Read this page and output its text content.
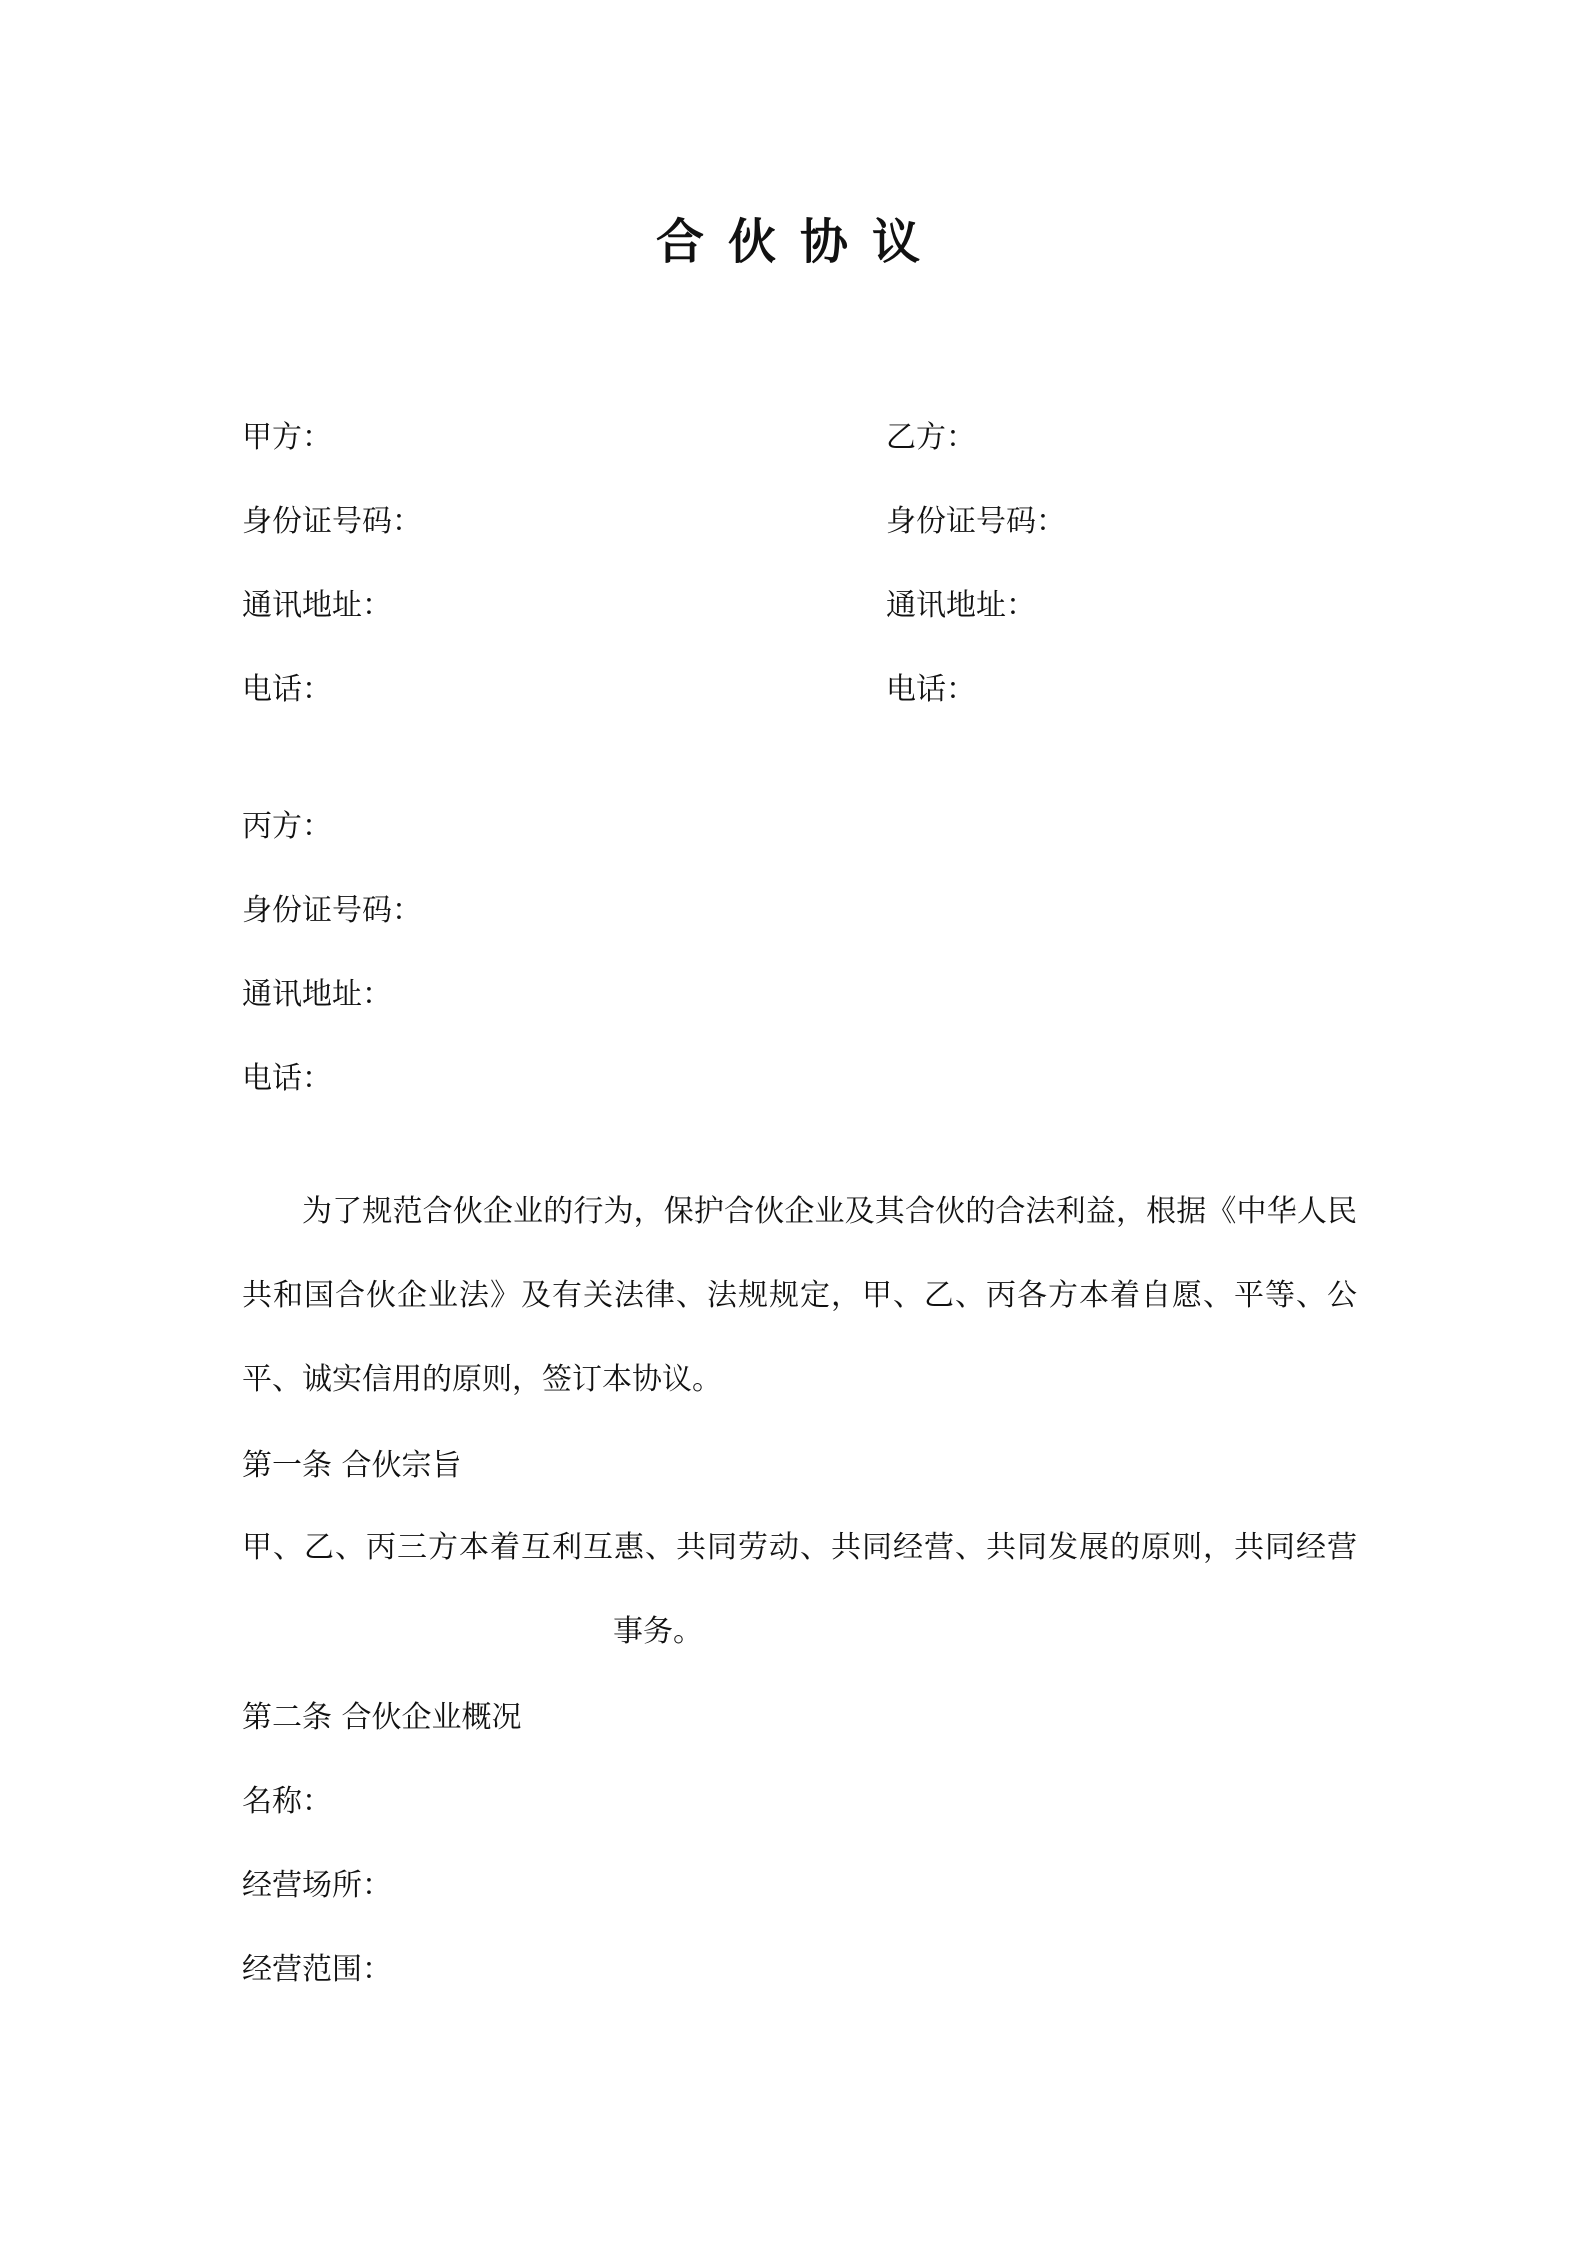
合伙协议
甲方：	乙方：
身份证号码：	身份证号码：
通讯地址：	通讯地址：
电话：	电话：
丙方：
身份证号码：
通讯地址：
电话：
为了规范合伙企业的行为，保护合伙企业及其合伙的合法利益，根据《中华人民共和国合伙企业法》及有关法律、法规规定，甲、乙、丙各方本着自愿、平等、公平、诚实信用的原则，签订本协议。
第一条 合伙宗旨
甲、乙、丙三方本着互利互惠、共同劳动、共同经营、共同发展的原则，共同经营事务。
第二条 合伙企业概况
名称：
经营场所：
经营范围：
